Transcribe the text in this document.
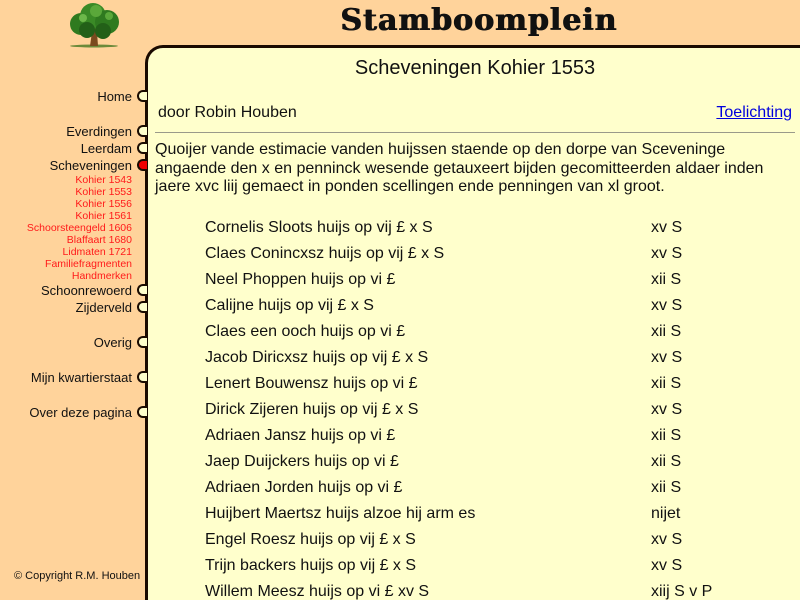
Stamboomplein
Home
Everdingen
Leerdam
Scheveningen
Kohier 1543
Kohier 1553
Kohier 1556
Kohier 1561
Schoorsteengeld 1606
Blaffaart 1680
Lidmaten 1721
Familiefragmenten
Handmerken
Schoonrewoerd
Zijderveld
Overig
Mijn kwartierstaat
Over deze pagina
© Copyright R.M. Houben
Scheveningen Kohier 1553
door Robin Houben	Toelichting
Quoijer vande estimacie vanden huijssen staende op den dorpe van Sceveninge angaende den x en penninck wesende getauxeert bijden gecomitteerden aldaer inden jaere xvc liij gemaect in ponden scellingen ende penningen van xl groot.
Cornelis Sloots huijs op vij £ x S	xv S
Claes Conincxsz huijs op vij £ x S	xv S
Neel Phoppen huijs op vi £	xii S
Calijne huijs op vij £ x S	xv S
Claes een ooch huijs op vi £	xii S
Jacob Diricxsz huijs op vij £ x S	xv S
Lenert Bouwensz huijs op vi £	xii S
Dirick Zijeren huijs op vij £ x S	xv S
Adriaen Jansz huijs op vi £	xii S
Jaep Duijckers huijs op vi £	xii S
Adriaen Jorden huijs op vi £	xii S
Huijbert Maertsz huijs alzoe hij arm es	nijet
Engel Roesz huijs op vij £ x S	xv S
Trijn backers huijs op vij £ x S	xv S
Willem Meesz huijs op vi £ xv S	xiij S v P
